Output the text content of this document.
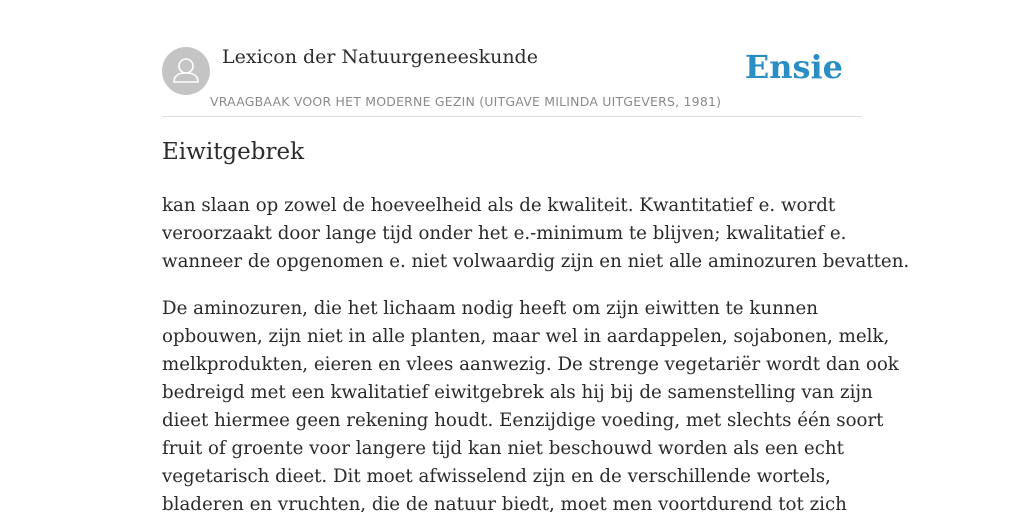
Lexicon der Natuurgeneeskunde
VRAAGBAAK VOOR HET MODERNE GEZIN (UITGAVE MILINDA UITGEVERS, 1981)
Ensie
Eiwitgebrek

kan slaan op zowel de hoeveelheid als de kwaliteit. Kwantitatief e. wordt
veroorzaakt door lange tijd onder het e.-minimum te blijven; kwalitatief e.
wanneer de opgenomen e. niet volwaardig zijn en niet alle aminozuren bevatten.

De aminozuren, die het lichaam nodig heeft om zijn eiwitten te kunnen
opbouwen, zijn niet in alle planten, maar wel in aardappelen, sojabonen, melk,
melkprodukten, eieren en vlees aanwezig. De strenge vegetariër wordt dan ook
bedreigd met een kwalitatief eiwitgebrek als hij bij de samenstelling van zijn
dieet hiermee geen rekening houdt. Eenzijdige voeding, met slechts één soort
fruit of groente voor langere tijd kan niet beschouwd worden als een echt
vegetarisch dieet. Dit moet afwisselend zijn en de verschillende wortels,
bladeren en vruchten, die de natuur biedt, moet men voortdurend tot zich
